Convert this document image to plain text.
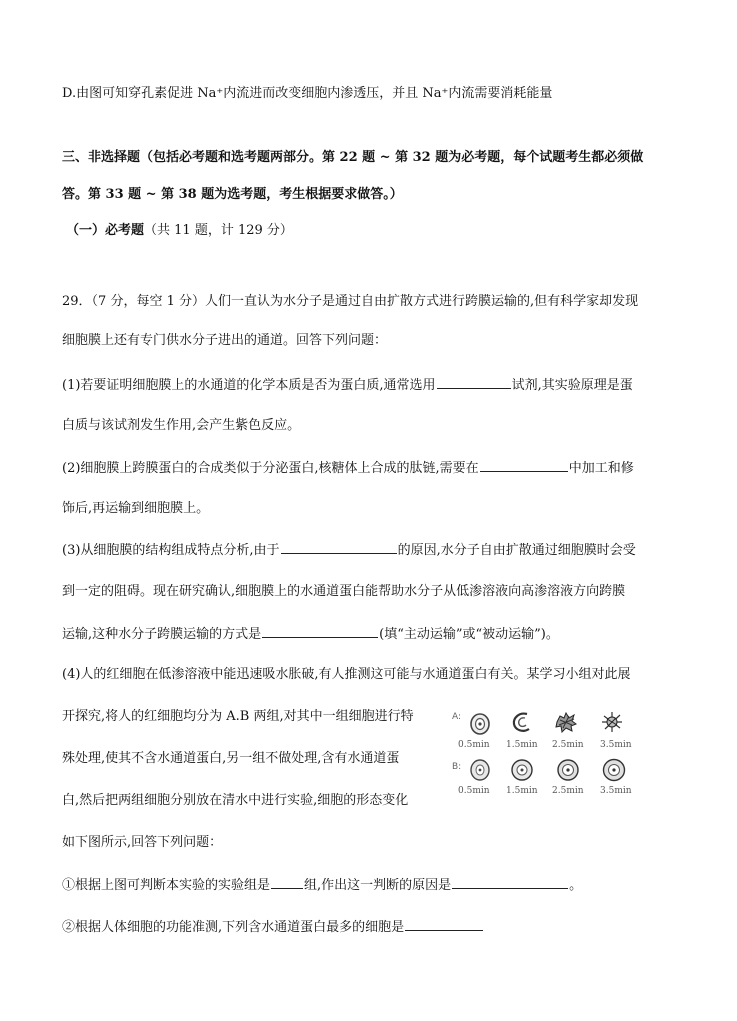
D.由图可知穿孔素促进 Na⁺内流进而改变细胞内渗透压，并且 Na⁺内流需要消耗能量
三、非选择题（包括必考题和选考题两部分。第 22 题 ~ 第 32 题为必考题，每个试题考生都必须做
答。第 33 题 ~ 第 38 题为选考题，考生根据要求做答。）
（一）必考题（共 11 题，计 129 分）
29．（7 分，每空 1 分）人们一直认为水分子是通过自由扩散方式进行跨膜运输的,但有科学家却发现
细胞膜上还有专门供水分子进出的通道。回答下列问题：
(1)若要证明细胞膜上的水通道的化学本质是否为蛋白质,通常选用	试剂,其实验原理是蛋
白质与该试剂发生作用,会产生紫色反应。
(2)细胞膜上跨膜蛋白的合成类似于分泌蛋白,核糖体上合成的肽链,需要在	中加工和修
饰后,再运输到细胞膜上。
(3)从细胞膜的结构组成特点分析,由于	的原因,水分子自由扩散通过细胞膜时会受
到一定的阻碍。现在研究确认,细胞膜上的水通道蛋白能帮助水分子从低渗溶液向高渗溶液方向跨膜
运输,这种水分子跨膜运输的方式是	(填“主动运输”或“被动运输”)。
(4)人的红细胞在低渗溶液中能迅速吸水胀破,有人推测这可能与水通道蛋白有关。某学习小组对此展
开探究,将人的红细胞均分为 A.B 两组,对其中一组细胞进行特
殊处理,使其不含水通道蛋白,另一组不做处理,含有水通道蛋
白,然后把两组细胞分别放在清水中进行实验,细胞的形态变化
如下图所示,回答下列问题：
①根据上图可判断本实验的实验组是	组,作出这一判断的原因是	。
②根据人体细胞的功能准测,下列含水通道蛋白最多的细胞是
A:
B:
0.5min 1.5min 2.5min 3.5min
0.5min 1.5min 2.5min 3.5min
